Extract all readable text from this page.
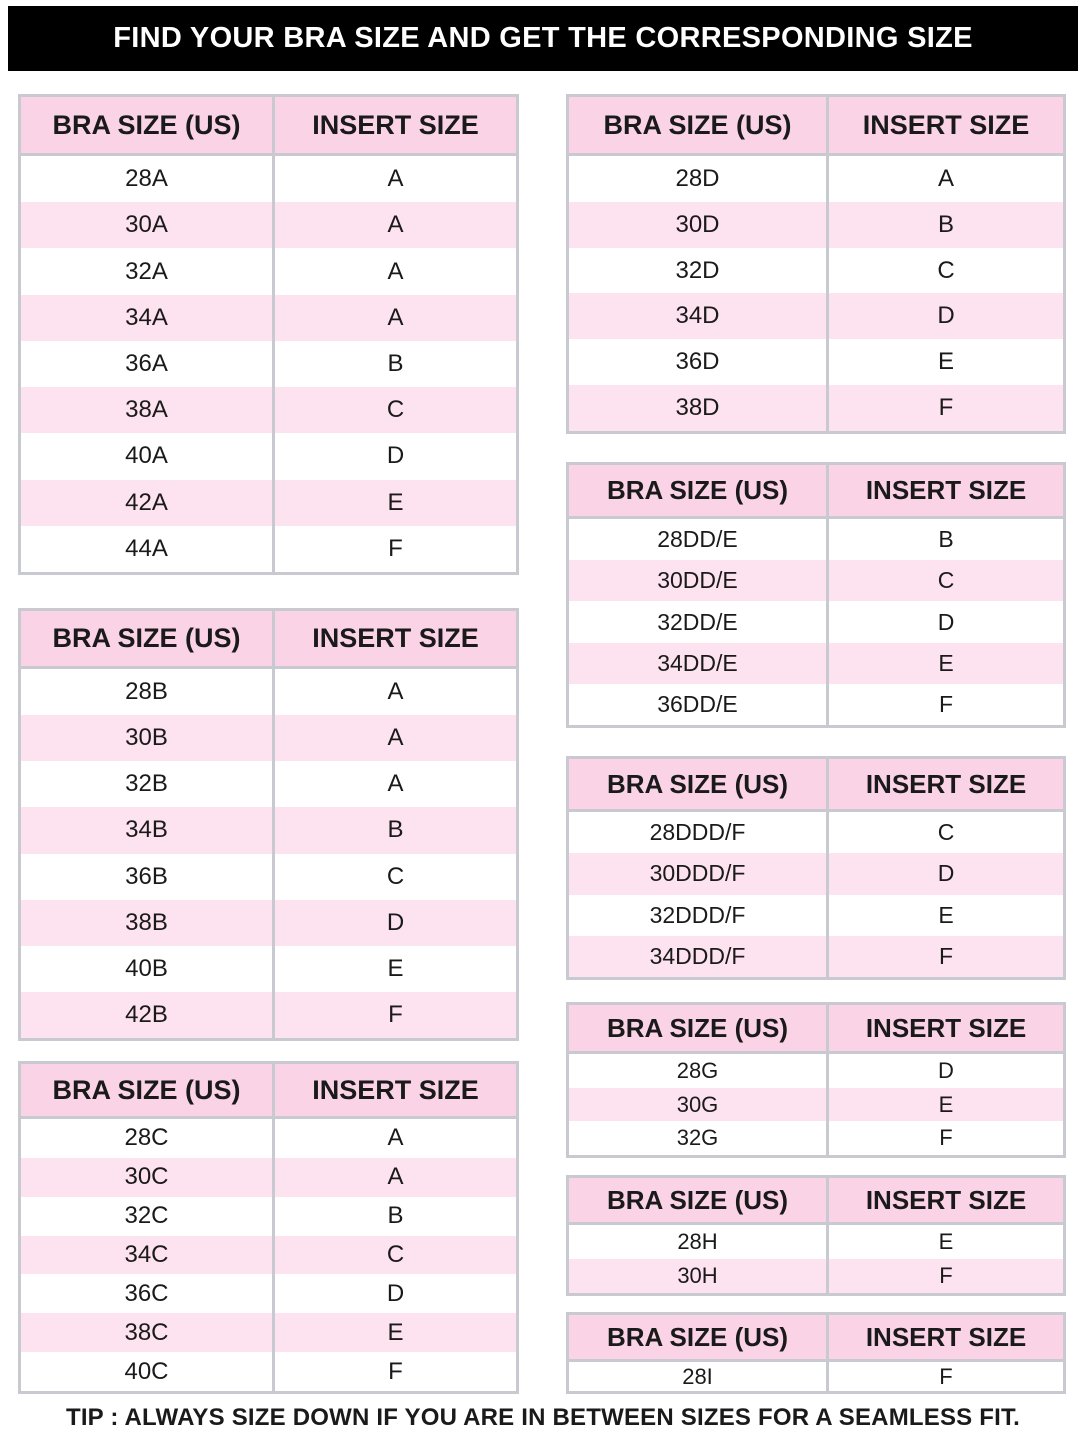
FIND YOUR BRA SIZE AND GET THE CORRESPONDING SIZE
BRA SIZE (US)	INSERT SIZE
28A	A
30A	A
32A	A
34A	A
36A	B
38A	C
40A	D
42A	E
44A	F
BRA SIZE (US)	INSERT SIZE
28B	A
30B	A
32B	A
34B	B
36B	C
38B	D
40B	E
42B	F
BRA SIZE (US)	INSERT SIZE
28C	A
30C	A
32C	B
34C	C
36C	D
38C	E
40C	F
BRA SIZE (US)	INSERT SIZE
28D	A
30D	B
32D	C
34D	D
36D	E
38D	F
BRA SIZE (US)	INSERT SIZE
28DD/E	B
30DD/E	C
32DD/E	D
34DD/E	E
36DD/E	F
BRA SIZE (US)	INSERT SIZE
28DDD/F	C
30DDD/F	D
32DDD/F	E
34DDD/F	F
BRA SIZE (US)	INSERT SIZE
28G	D
30G	E
32G	F
BRA SIZE (US)	INSERT SIZE
28H	E
30H	F
BRA SIZE (US)	INSERT SIZE
28I	F
TIP : ALWAYS SIZE DOWN IF YOU ARE IN BETWEEN SIZES FOR A SEAMLESS FIT.
